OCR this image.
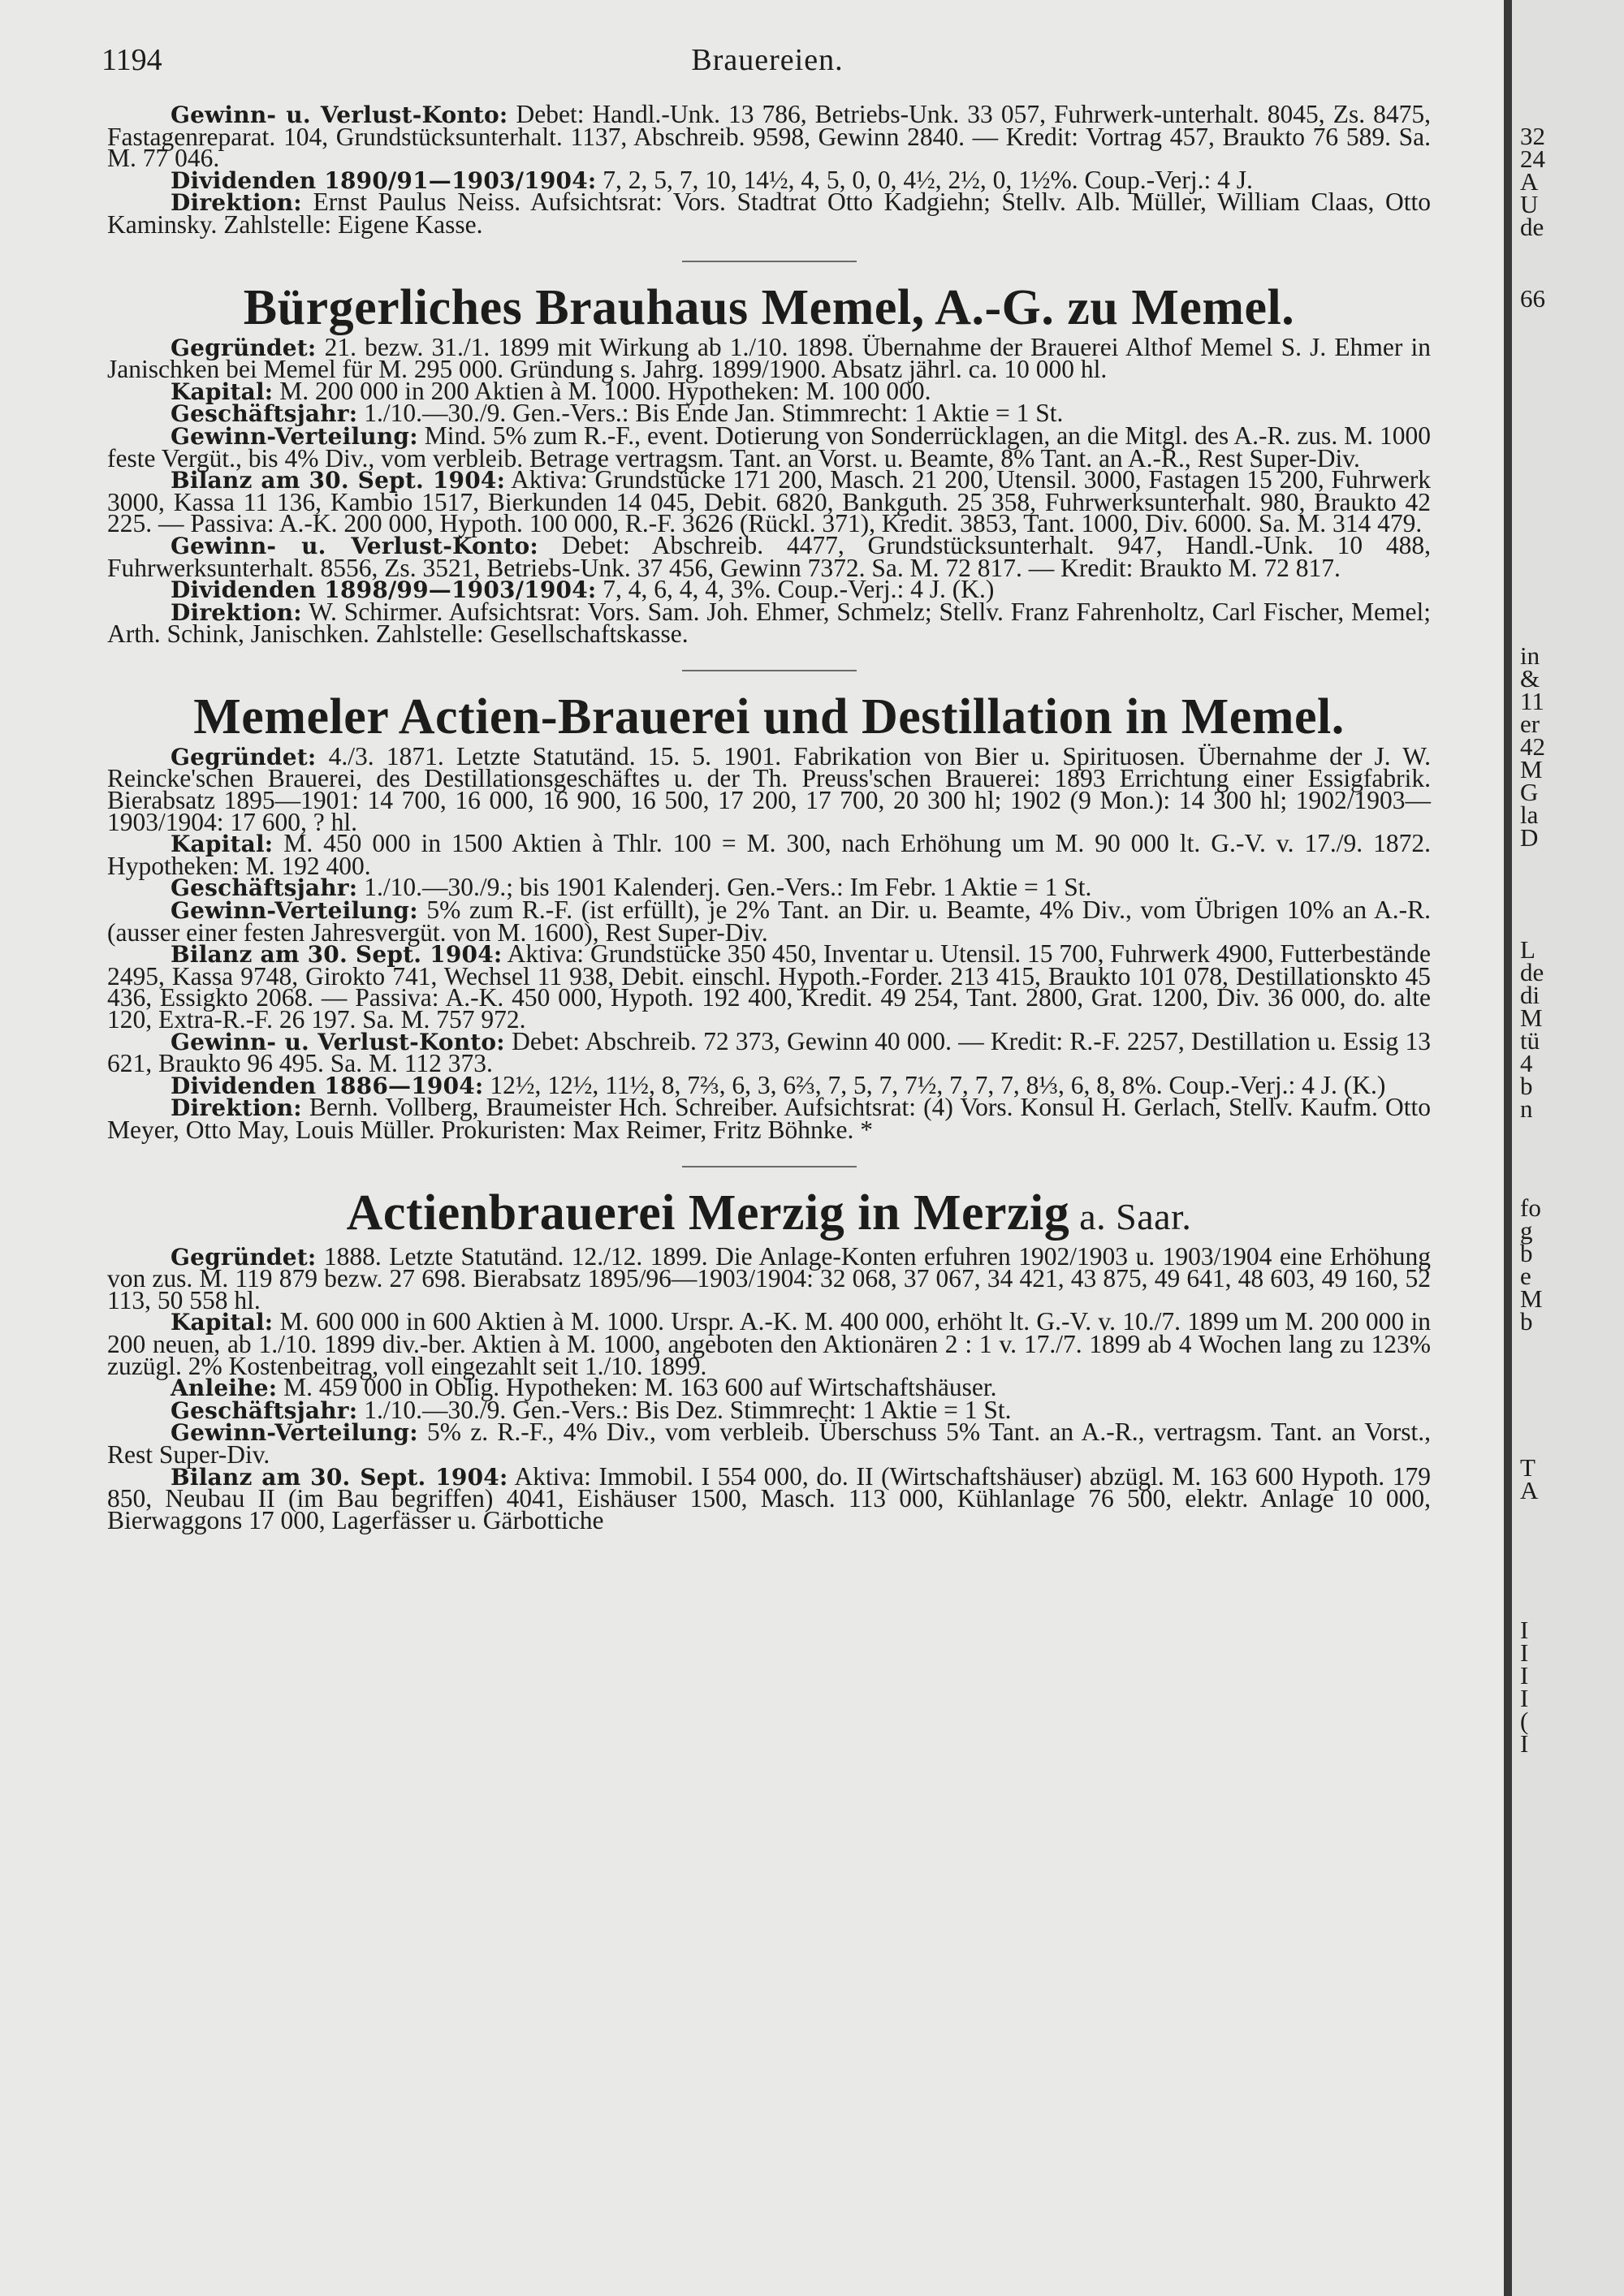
1194	Brauereien.

Gewinn- u. Verlust-Konto: Debet: Handl.-Unk. 13 786, Betriebs-Unk. 33 057, Fuhrwerk-unterhalt. 8045, Zs. 8475, Fastagenreparat. 104, Grundstücksunterhalt. 1137, Abschreib. 9598, Gewinn 2840. — Kredit: Vortrag 457, Braukto 76 589. Sa. M. 77 046.

Dividenden 1890/91—1903/1904: 7, 2, 5, 7, 10, 14½, 4, 5, 0, 0, 4½, 2½, 0, 1½%. Coup.-Verj.: 4 J.

Direktion: Ernst Paulus Neiss. Aufsichtsrat: Vors. Stadtrat Otto Kadgiehn; Stellv. Alb. Müller, William Claas, Otto Kaminsky. Zahlstelle: Eigene Kasse.

Bürgerliches Brauhaus Memel, A.-G. zu Memel.

Gegründet: 21. bezw. 31./1. 1899 mit Wirkung ab 1./10. 1898. Übernahme der Brauerei Althof Memel S. J. Ehmer in Janischken bei Memel für M. 295 000. Gründung s. Jahrg. 1899/1900. Absatz jährl. ca. 10 000 hl.

Kapital: M. 200 000 in 200 Aktien à M. 1000. Hypotheken: M. 100 000.

Geschäftsjahr: 1./10.—30./9. Gen.-Vers.: Bis Ende Jan. Stimmrecht: 1 Aktie = 1 St.

Gewinn-Verteilung: Mind. 5% zum R.-F., event. Dotierung von Sonderrücklagen, an die Mitgl. des A.-R. zus. M. 1000 feste Vergüt., bis 4% Div., vom verbleib. Betrage vertragsm. Tant. an Vorst. u. Beamte, 8% Tant. an A.-R., Rest Super-Div.

Bilanz am 30. Sept. 1904: Aktiva: Grundstücke 171 200, Masch. 21 200, Utensil. 3000, Fastagen 15 200, Fuhrwerk 3000, Kassa 11 136, Kambio 1517, Bierkunden 14 045, Debit. 6820, Bankguth. 25 358, Fuhrwerksunterhalt. 980, Braukto 42 225. — Passiva: A.-K. 200 000, Hypoth. 100 000, R.-F. 3626 (Rückl. 371), Kredit. 3853, Tant. 1000, Div. 6000. Sa. M. 314 479.

Gewinn- u. Verlust-Konto: Debet: Abschreib. 4477, Grundstücksunterhalt. 947, Handl.-Unk. 10 488, Fuhrwerksunterhalt. 8556, Zs. 3521, Betriebs-Unk. 37 456, Gewinn 7372. Sa. M. 72 817. — Kredit: Braukto M. 72 817.

Dividenden 1898/99—1903/1904: 7, 4, 6, 4, 4, 3%. Coup.-Verj.: 4 J. (K.)

Direktion: W. Schirmer. Aufsichtsrat: Vors. Sam. Joh. Ehmer, Schmelz; Stellv. Franz Fahrenholtz, Carl Fischer, Memel; Arth. Schink, Janischken. Zahlstelle: Gesellschaftskasse.

Memeler Actien-Brauerei und Destillation in Memel.

Gegründet: 4./3. 1871. Letzte Statutänd. 15. 5. 1901. Fabrikation von Bier u. Spirituosen. Übernahme der J. W. Reincke'schen Brauerei, des Destillationsgeschäftes u. der Th. Preuss'schen Brauerei: 1893 Errichtung einer Essigfabrik. Bierabsatz 1895—1901: 14 700, 16 000, 16 900, 16 500, 17 200, 17 700, 20 300 hl; 1902 (9 Mon.): 14 300 hl; 1902/1903—1903/1904: 17 600, ? hl.

Kapital: M. 450 000 in 1500 Aktien à Thlr. 100 = M. 300, nach Erhöhung um M. 90 000 lt. G.-V. v. 17./9. 1872. Hypotheken: M. 192 400.

Geschäftsjahr: 1./10.—30./9.; bis 1901 Kalenderj. Gen.-Vers.: Im Febr. 1 Aktie = 1 St.

Gewinn-Verteilung: 5% zum R.-F. (ist erfüllt), je 2% Tant. an Dir. u. Beamte, 4% Div., vom Übrigen 10% an A.-R. (ausser einer festen Jahresvergüt. von M. 1600), Rest Super-Div.

Bilanz am 30. Sept. 1904: Aktiva: Grundstücke 350 450, Inventar u. Utensil. 15 700, Fuhrwerk 4900, Futterbestände 2495, Kassa 9748, Girokto 741, Wechsel 11 938, Debit. einschl. Hypoth.-Forder. 213 415, Braukto 101 078, Destillationskto 45 436, Essigkto 2068. — Passiva: A.-K. 450 000, Hypoth. 192 400, Kredit. 49 254, Tant. 2800, Grat. 1200, Div. 36 000, do. alte 120, Extra-R.-F. 26 197. Sa. M. 757 972.

Gewinn- u. Verlust-Konto: Debet: Abschreib. 72 373, Gewinn 40 000. — Kredit: R.-F. 2257, Destillation u. Essig 13 621, Braukto 96 495. Sa. M. 112 373.

Dividenden 1886—1904: 12½, 12½, 11½, 8, 7⅔, 6, 3, 6⅔, 7, 5, 7, 7½, 7, 7, 7, 8⅓, 6, 8, 8%. Coup.-Verj.: 4 J. (K.)

Direktion: Bernh. Vollberg, Braumeister Hch. Schreiber. Aufsichtsrat: (4) Vors. Konsul H. Gerlach, Stellv. Kaufm. Otto Meyer, Otto May, Louis Müller. Prokuristen: Max Reimer, Fritz Böhnke. *

Actienbrauerei Merzig in Merzig a. Saar.

Gegründet: 1888. Letzte Statutänd. 12./12. 1899. Die Anlage-Konten erfuhren 1902/1903 u. 1903/1904 eine Erhöhung von zus. M. 119 879 bezw. 27 698. Bierabsatz 1895/96—1903/1904: 32 068, 37 067, 34 421, 43 875, 49 641, 48 603, 49 160, 52 113, 50 558 hl.

Kapital: M. 600 000 in 600 Aktien à M. 1000. Urspr. A.-K. M. 400 000, erhöht lt. G.-V. v. 10./7. 1899 um M. 200 000 in 200 neuen, ab 1./10. 1899 div.-ber. Aktien à M. 1000, angeboten den Aktionären 2 : 1 v. 17./7. 1899 ab 4 Wochen lang zu 123% zuzügl. 2% Kostenbeitrag, voll eingezahlt seit 1./10. 1899.

Anleihe: M. 459 000 in Oblig. Hypotheken: M. 163 600 auf Wirtschaftshäuser.

Geschäftsjahr: 1./10.—30./9. Gen.-Vers.: Bis Dez. Stimmrecht: 1 Aktie = 1 St.

Gewinn-Verteilung: 5% z. R.-F., 4% Div., vom verbleib. Überschuss 5% Tant. an A.-R., vertragsm. Tant. an Vorst., Rest Super-Div.

Bilanz am 30. Sept. 1904: Aktiva: Immobil. I 554 000, do. II (Wirtschaftshäuser) abzügl. M. 163 600 Hypoth. 179 850, Neubau II (im Bau begriffen) 4041, Eishäuser 1500, Masch. 113 000, Kühlanlage 76 500, elektr. Anlage 10 000, Bierwaggons 17 000, Lagerfässer u. Gärbottiche

32
24
A
U
de
66
in
&
11
er
42
M
G
la
D
L
de
di
M
tü
4
b
n
fo
g
b
e
M
b
T
A
I
I
I
I
(
I
